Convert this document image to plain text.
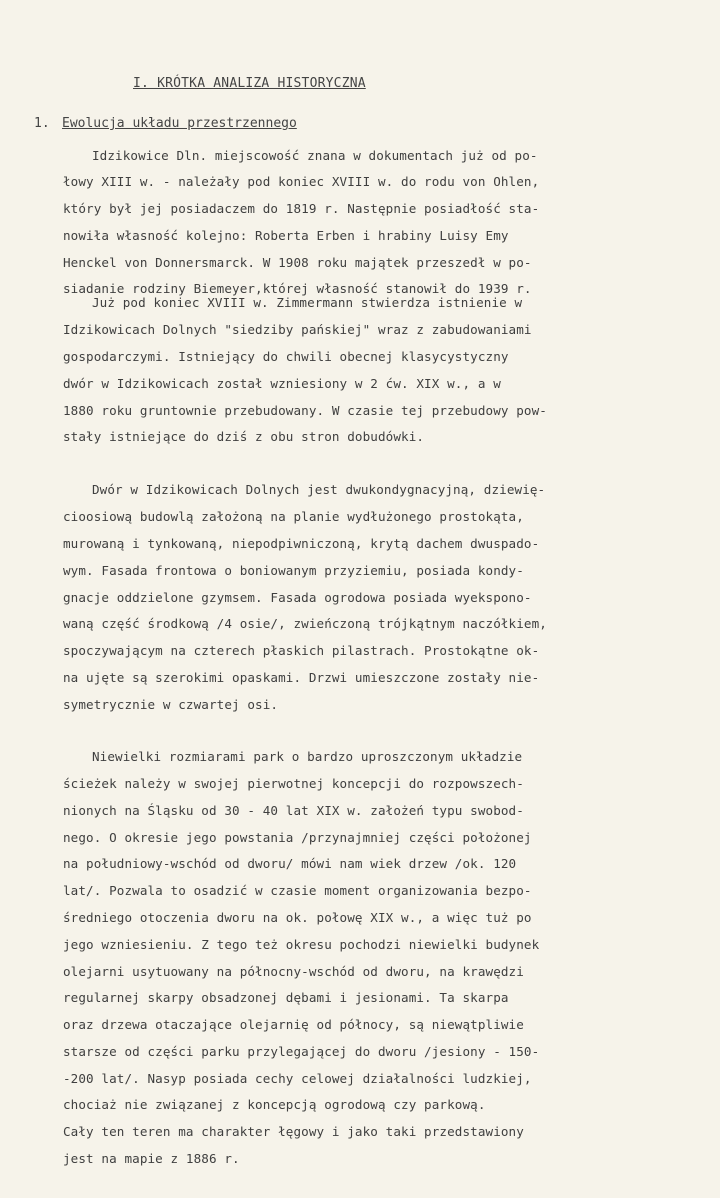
I. KRÓTKA ANALIZA HISTORYCZNA
1. Ewolucja układu przestrzennego
Idzikowice Dln. miejscowość znana w dokumentach już od po-
łowy XIII w. - należały pod koniec XVIII w. do rodu von Ohlen,
który był jej posiadaczem do 1819 r. Następnie posiadłość sta-
nowiła własność kolejno: Roberta Erben i hrabiny Luisy Emy
Henckel von Donnersmarck. W 1908 roku majątek przeszedł w po-
siadanie rodziny Biemeyer,której własność stanowił do 1939 r.
Już pod koniec XVIII w. Zimmermann stwierdza istnienie w
Idzikowicach Dolnych "siedziby pańskiej" wraz z zabudowaniami
gospodarczymi. Istniejący do chwili obecnej klasycystyczny
dwór w Idzikowicach został wzniesiony w 2 ćw. XIX w., a w
1880 roku gruntownie przebudowany. W czasie tej przebudowy pow-
stały istniejące do dziś z obu stron dobudówki.
Dwór w Idzikowicach Dolnych jest dwukondygnacyjną, dziewię-
cioosiową budowlą założoną na planie wydłużonego prostokąta,
murowaną i tynkowaną, niepodpiwniczoną, krytą dachem dwuspado-
wym. Fasada frontowa o boniowanym przyziemiu, posiada kondy-
gnacje oddzielone gzymsem. Fasada ogrodowa posiada wyekspono-
waną część środkową /4 osie/, zwieńczoną trójkątnym naczółkiem,
spoczywającym na czterech płaskich pilastrach. Prostokątne ok-
na ujęte są szerokimi opaskami. Drzwi umieszczone zostały nie-
symetrycznie w czwartej osi.
Niewielki rozmiarami park o bardzo uproszczonym układzie
ścieżek należy w swojej pierwotnej koncepcji do rozpowszech-
nionych na Śląsku od 30 - 40 lat XIX w. założeń typu swobod-
nego. O okresie jego powstania /przynajmniej części położonej
na południowy-wschód od dworu/ mówi nam wiek drzew /ok. 120
lat/. Pozwala to osadzić w czasie moment organizowania bezpo-
średniego otoczenia dworu na ok. połowę XIX w., a więc tuż po
jego wzniesieniu. Z tego też okresu pochodzi niewielki budynek
olejarni usytuowany na północny-wschód od dworu, na krawędzi
regularnej skarpy obsadzonej dębami i jesionami. Ta skarpa
oraz drzewa otaczające olejarnię od północy, są niewątpliwie
starsze od części parku przylegającej do dworu /jesiony - 150-
-200 lat/. Nasyp posiada cechy celowej działalności ludzkiej,
chociaż nie związanej z koncepcją ogrodową czy parkową.
Cały ten teren ma charakter łęgowy i jako taki przedstawiony
jest na mapie z 1886 r.
